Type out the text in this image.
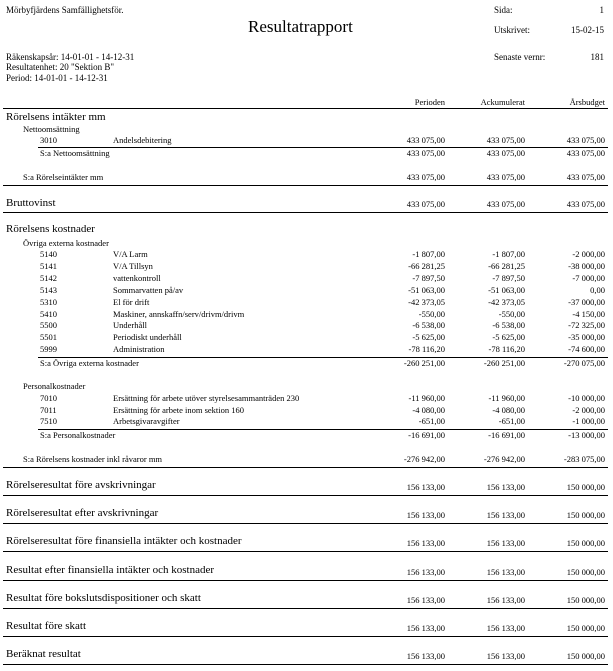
Mörbyfjärdens Samfällighetsför.
Resultatrapport
Sida:	1
Utskrivet:	15-02-15
Räkenskapsår: 14-01-01 - 14-12-31
Resultatenhet: 20 "Sektion B"
Period: 14-01-01 - 14-12-31
Senaste vernr:	181
Perioden	Ackumulerat	Årsbudget
Rörelsens intäkter mm
Nettoomsättning
3010	Andelsdebitering	433 075,00	433 075,00	433 075,00
S:a Nettoomsättning	433 075,00	433 075,00	433 075,00
S:a Rörelseintäkter mm	433 075,00	433 075,00	433 075,00
Bruttovinst	433 075,00	433 075,00	433 075,00
Rörelsens kostnader
Övriga externa kostnader
5140	V/A Larm	-1 807,00	-1 807,00	-2 000,00
5141	V/A Tillsyn	-66 281,25	-66 281,25	-38 000,00
5142	vattenkontroll	-7 897,50	-7 897,50	-7 000,00
5143	Sommarvatten på/av	-51 063,00	-51 063,00	0,00
5310	El för drift	-42 373,05	-42 373,05	-37 000,00
5410	Maskiner, annskaffn/serv/drivm/drivm	-550,00	-550,00	-4 150,00
5500	Underhåll	-6 538,00	-6 538,00	-72 325,00
5501	Periodiskt underhåll	-5 625,00	-5 625,00	-35 000,00
5999	Administration	-78 116,20	-78 116,20	-74 600,00
S:a Övriga externa kostnader	-260 251,00	-260 251,00	-270 075,00
Personalkostnader
7010	Ersättning för arbete utöver styrelsesammanträden 230	-11 960,00	-11 960,00	-10 000,00
7011	Ersättning för arbete inom sektion 160	-4 080,00	-4 080,00	-2 000,00
7510	Arbetsgivaravgifter	-651,00	-651,00	-1 000,00
S:a Personalkostnader	-16 691,00	-16 691,00	-13 000,00
S:a Rörelsens kostnader inkl råvaror mm	-276 942,00	-276 942,00	-283 075,00
Rörelseresultat före avskrivningar	156 133,00	156 133,00	150 000,00
Rörelseresultat efter avskrivningar	156 133,00	156 133,00	150 000,00
Rörelseresultat före finansiella intäkter och kostnader	156 133,00	156 133,00	150 000,00
Resultat efter finansiella intäkter och kostnader	156 133,00	156 133,00	150 000,00
Resultat före bokslutsdispositioner och skatt	156 133,00	156 133,00	150 000,00
Resultat före skatt	156 133,00	156 133,00	150 000,00
Beräknat resultat	156 133,00	156 133,00	150 000,00
